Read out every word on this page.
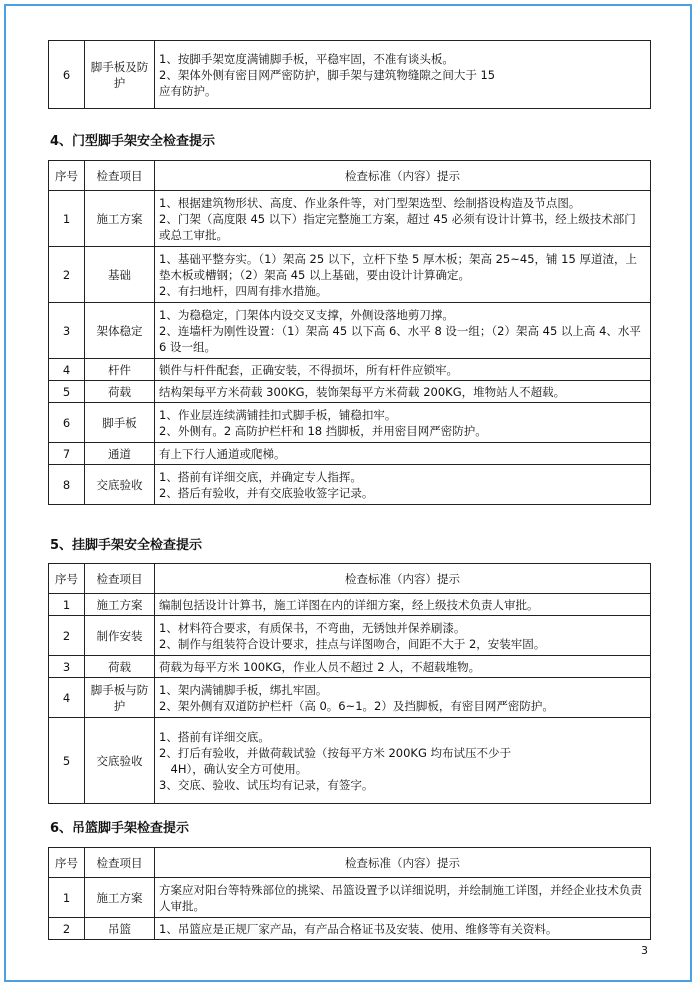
6	脚手板及防护	
1、按脚手架宽度满铺脚手板，平稳牢固，不准有谈头板。
2、架体外侧有密目网严密防护，脚手架与建筑物缝隙之间大于 15
应有防护。
4、门型脚手架安全检查提示
序号	检查项目	检查标准（内容）提示
1	施工方案	1、根据建筑物形状、高度、作业条件等，对门型架选型、绘制搭设构造及节点图。
2、门架（高度限 45 以下）指定完整施工方案，超过 45 必须有设计计算书，经上级技术部门或总工审批。

2	基础	1、基础平整夯实。（1）架高 25 以下，立杆下垫 5 厚木板；架高 25~45，铺 15 厚道渣，上垫木板或槽钢；（2）架高 45 以上基础，要由设计计算确定。
2、有扫地杆，四周有排水措施。

3	架体稳定	1、为稳稳定，门架体内设交叉支撑，外侧设落地剪刀撑。
2、连墙杆为刚性设置：（1）架高 45 以下高 6、水平 8 设一组；（2）架高 45 以上高 4、水平 6 设一组。

4	杆件	锁件与杆件配套，正确安装，不得损坏，所有杆件应锁牢。

5	荷载	结构架每平方米荷载 300KG，装饰架每平方米荷载 200KG，堆物站人不超载。

6	脚手板	1、作业层连续满铺挂扣式脚手板，铺稳扣牢。
2、外侧有。2 高防护栏杆和 18 挡脚板，并用密目网严密防护。

7	通道	有上下行人通道或爬梯。

8	交底验收	1、搭前有详细交底，并确定专人指挥。
2、搭后有验收，并有交底验收签字记录。
5、挂脚手架安全检查提示
序号	检查项目	检查标准（内容）提示
1	施工方案	编制包括设计计算书，施工详图在内的详细方案，经上级技术负责人审批。

2	制作安装	1、材料符合要求，有质保书，不弯曲，无锈蚀并保养刷漆。
2、制作与组装符合设计要求，挂点与详图吻合，间距不大于 2，安装牢固。

3	荷载	荷载为每平方米 100KG，作业人员不超过 2 人，不超载堆物。

4	脚手板与防护	1、架内满铺脚手板，绑扎牢固。
2、架外侧有双道防护栏杆（高 0。6~1。2）及挡脚板，有密目网严密防护。

5	交底验收	1、搭前有详细交底。
2、打后有验收，并做荷载试验（按每平方米 200KG 均布试压不少于
　4H），确认安全方可使用。
3、交底、验收、试压均有记录，有签字。
6、吊篮脚手架检查提示
序号	检查项目	检查标准（内容）提示
1	施工方案	方案应对阳台等特殊部位的挑梁、吊篮设置予以详细说明，并绘制施工详图，并经企业技术负责人审批。

2	吊篮	1、吊篮应是正规厂家产品，有产品合格证书及安装、使用、维修等有关资料。
3
